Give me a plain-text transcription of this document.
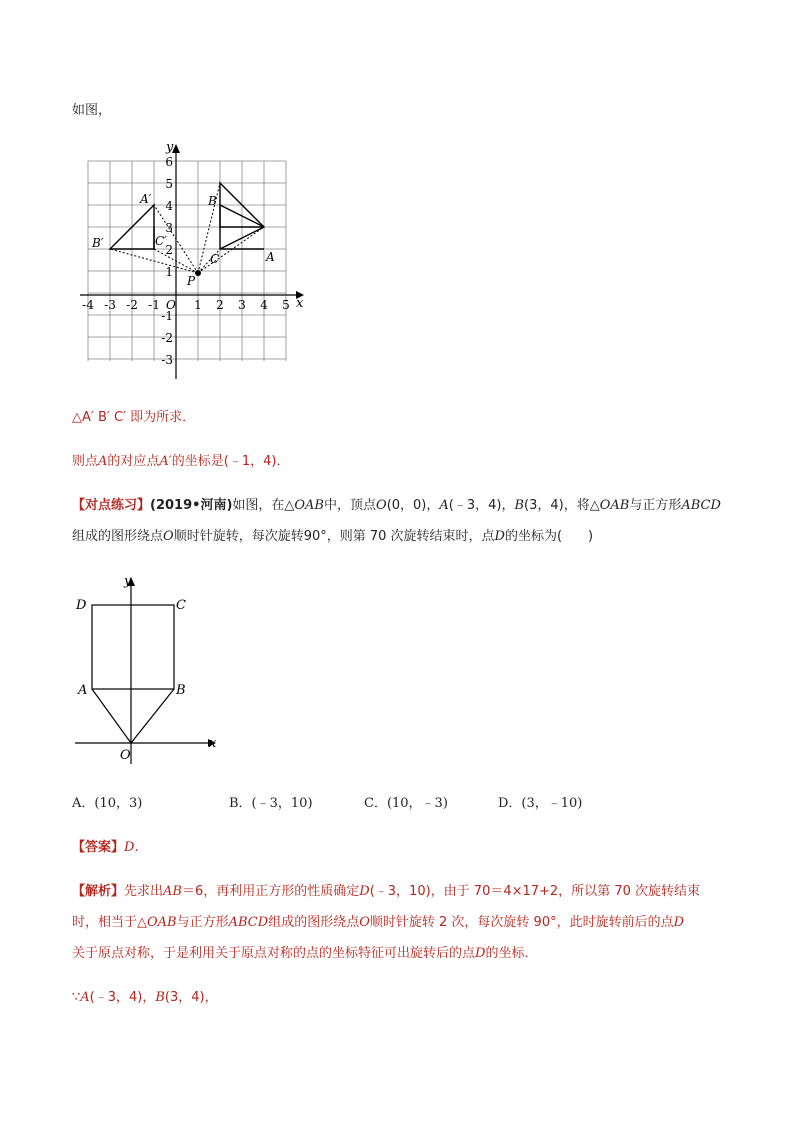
如图，
x
y
O
-4 -3 -2 -1	1 2 3 4 5
6
5
4
3
2
1
-1
-2
-3
A
B
C
A′
B′	C′
P
△A′ B′ C′ 即为所求．
则点A的对应点A′的坐标是(﹣1，4)．
【对点练习】(2019•河南)如图，在△OAB中，顶点O(0，0)，A(﹣3，4)，B(3，4)，将△OAB与正方形ABCD
组成的图形绕点O顺时针旋转，每次旋转90°，则第 70 次旋转结束时，点D的坐标为(　　)
D	C
A	B
O
x
y
A．(10，3)	B．(﹣3，10)	C．(10，﹣3)	D．(3，﹣10)
【答案】D.
【解析】先求出AB＝6，再利用正方形的性质确定D(﹣3，10)，由于 70＝4×17+2，所以第 70 次旋转结束
时，相当于△OAB与正方形ABCD组成的图形绕点O顺时针旋转 2 次，每次旋转 90°，此时旋转前后的点D
关于原点对称，于是利用关于原点对称的点的坐标特征可出旋转后的点D的坐标．
∵A(﹣3，4)，B(3，4)，
